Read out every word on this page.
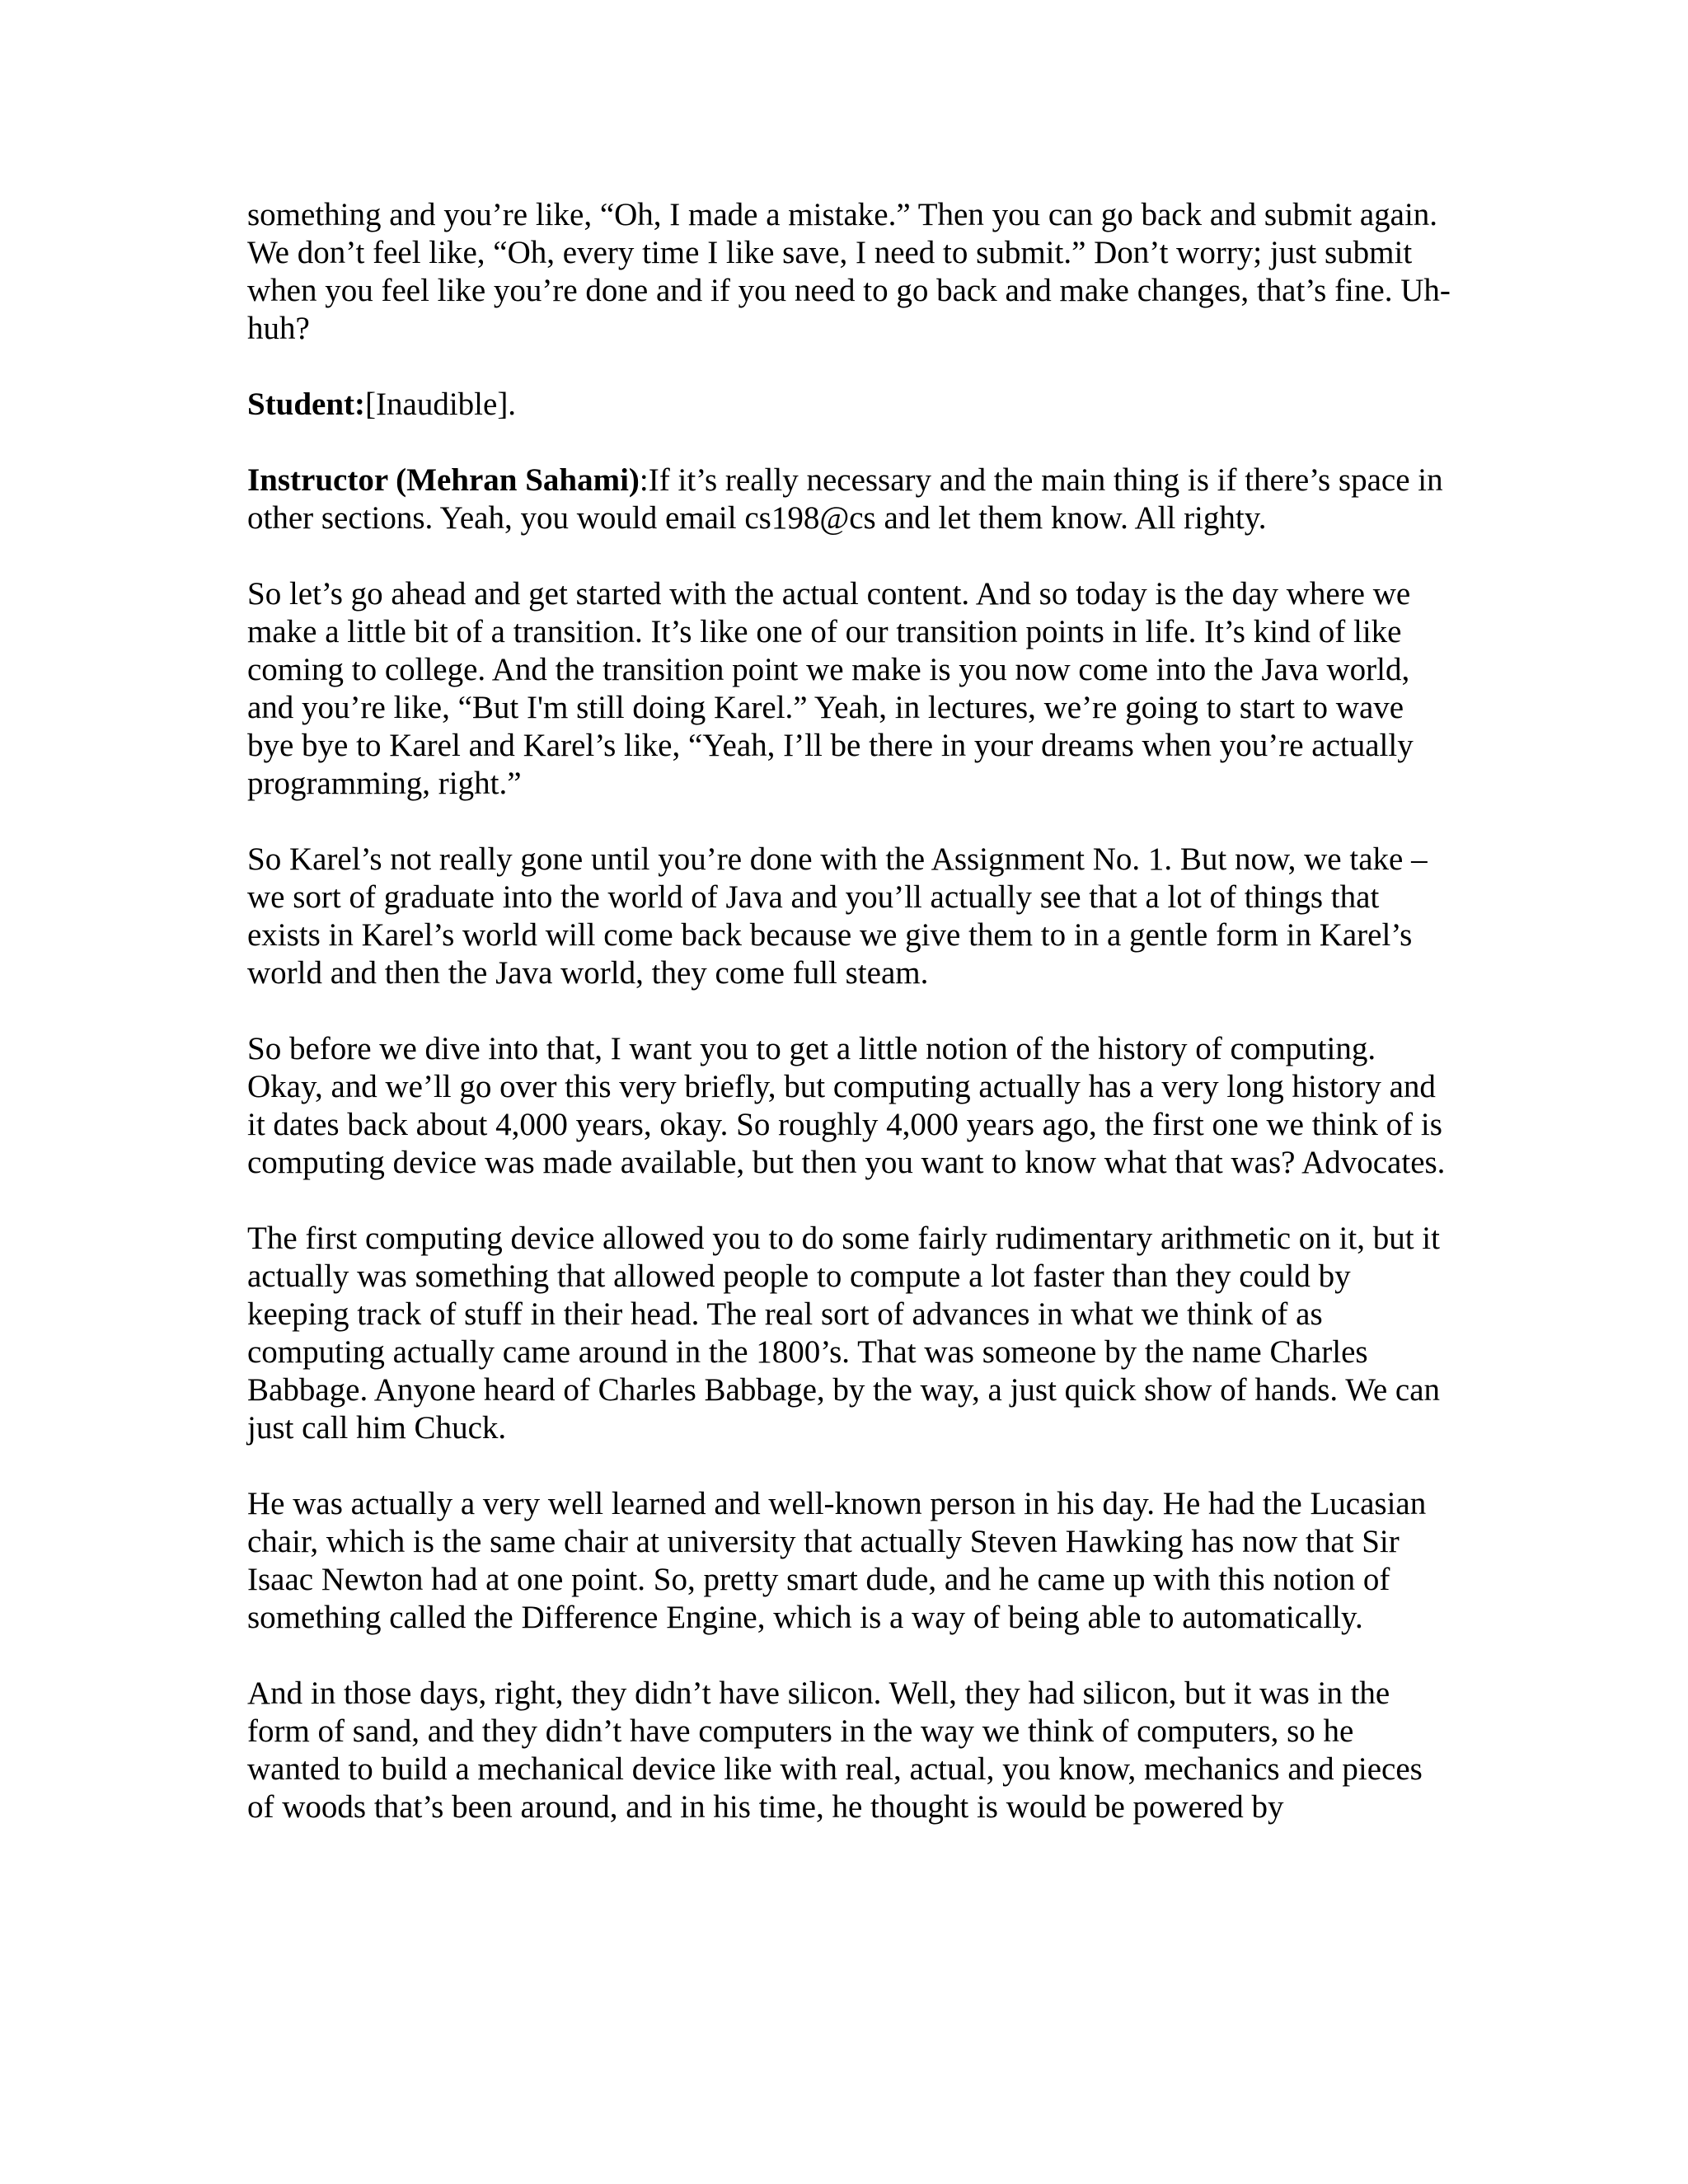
something and you’re like, “Oh, I made a mistake.” Then you can go back and submit again. We don’t feel like, “Oh, every time I like save, I need to submit.” Don’t worry; just submit when you feel like you’re done and if you need to go back and make changes, that’s fine. Uh-huh?

Student:[Inaudible].

Instructor (Mehran Sahami):If it’s really necessary and the main thing is if there’s space in other sections. Yeah, you would email cs198@cs and let them know. All righty.

So let’s go ahead and get started with the actual content. And so today is the day where we make a little bit of a transition. It’s like one of our transition points in life. It’s kind of like coming to college. And the transition point we make is you now come into the Java world, and you’re like, “But I'm still doing Karel.” Yeah, in lectures, we’re going to start to wave bye bye to Karel and Karel’s like, “Yeah, I’ll be there in your dreams when you’re actually programming, right.”

So Karel’s not really gone until you’re done with the Assignment No. 1. But now, we take – we sort of graduate into the world of Java and you’ll actually see that a lot of things that exists in Karel’s world will come back because we give them to in a gentle form in Karel’s world and then the Java world, they come full steam.

So before we dive into that, I want you to get a little notion of the history of computing. Okay, and we’ll go over this very briefly, but computing actually has a very long history and it dates back about 4,000 years, okay. So roughly 4,000 years ago, the first one we think of is computing device was made available, but then you want to know what that was? Advocates.

The first computing device allowed you to do some fairly rudimentary arithmetic on it, but it actually was something that allowed people to compute a lot faster than they could by keeping track of stuff in their head. The real sort of advances in what we think of as computing actually came around in the 1800’s. That was someone by the name Charles Babbage. Anyone heard of Charles Babbage, by the way, a just quick show of hands. We can just call him Chuck.

He was actually a very well learned and well-known person in his day. He had the Lucasian chair, which is the same chair at university that actually Steven Hawking has now that Sir Isaac Newton had at one point. So, pretty smart dude, and he came up with this notion of something called the Difference Engine, which is a way of being able to automatically.

And in those days, right, they didn’t have silicon. Well, they had silicon, but it was in the form of sand, and they didn’t have computers in the way we think of computers, so he wanted to build a mechanical device like with real, actual, you know, mechanics and pieces of woods that’s been around, and in his time, he thought is would be powered by
